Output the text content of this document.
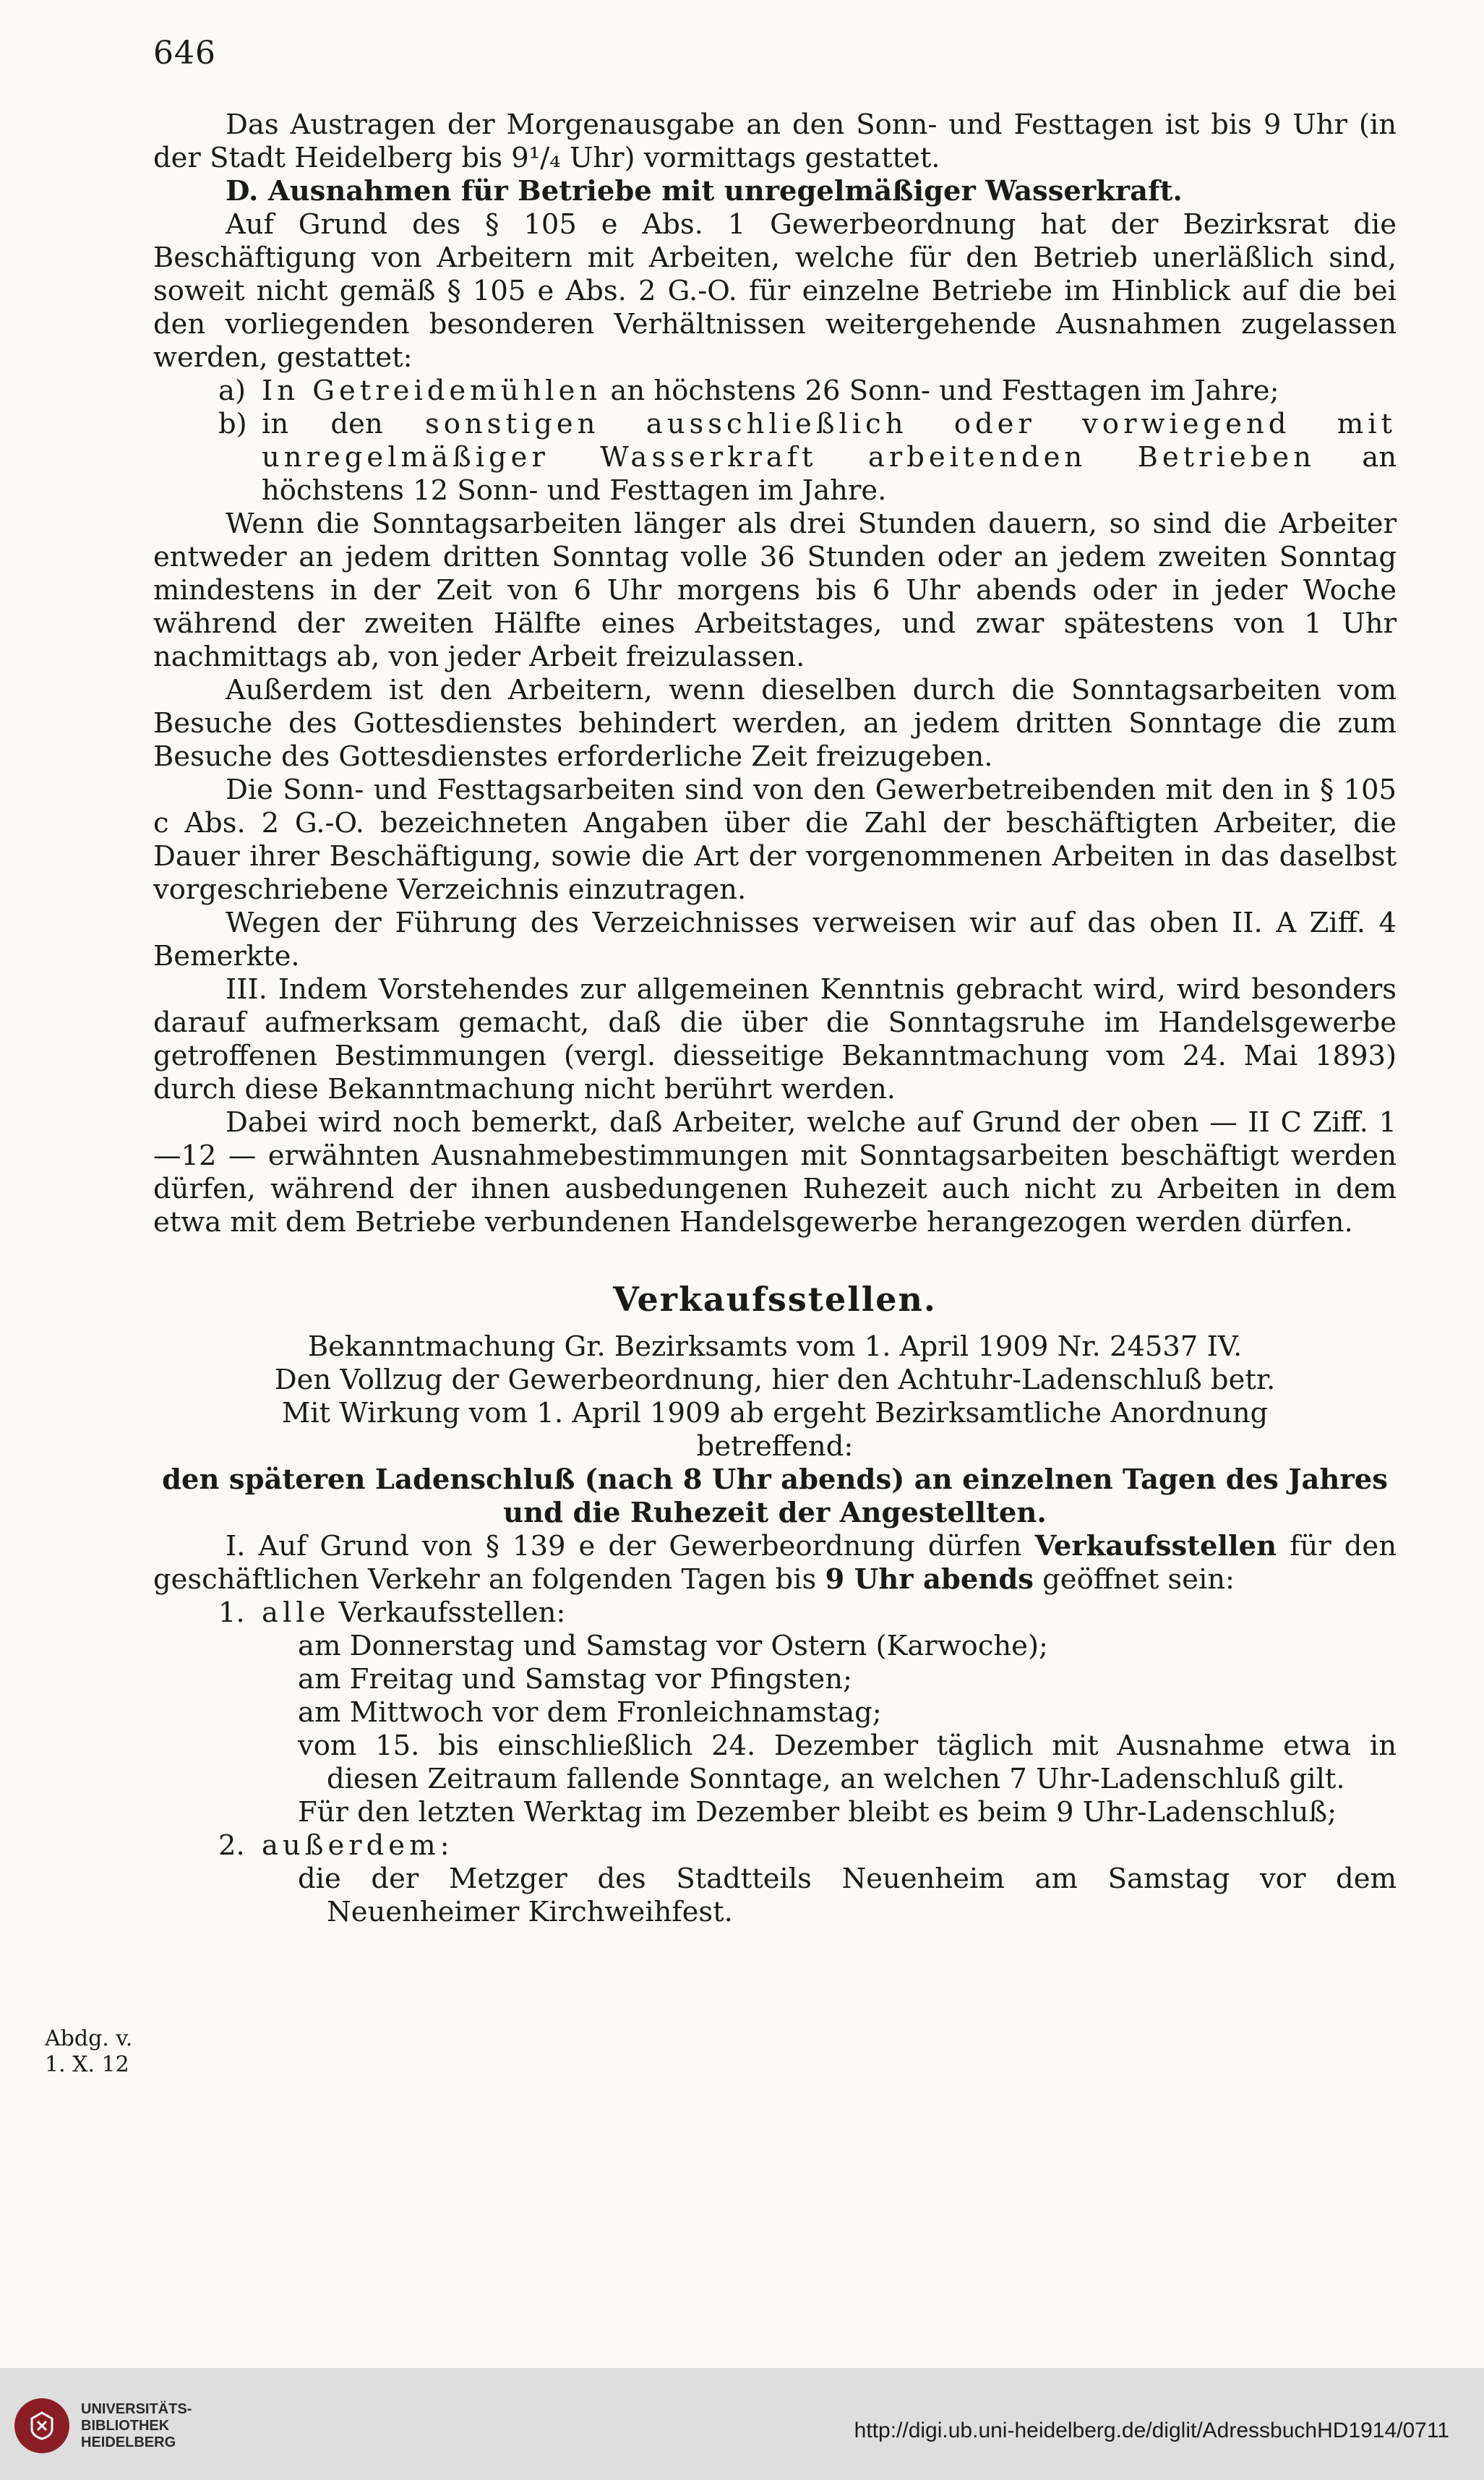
646

Das Austragen der Morgenausgabe an den Sonn- und Festtagen ist bis 9 Uhr (in der Stadt Heidelberg bis 9¹/₄ Uhr) vormittags gestattet.

D. Ausnahmen für Betriebe mit unregelmäßiger Wasserkraft.

Auf Grund des § 105 e Abs. 1 Gewerbeordnung hat der Bezirksrat die Beschäftigung von Arbeitern mit Arbeiten, welche für den Betrieb unerläßlich sind, soweit nicht gemäß § 105 e Abs. 2 G.-O. für einzelne Betriebe im Hinblick auf die bei den vorliegenden besonderen Verhältnissen weitergehende Ausnahmen zugelassen werden, gestattet:

a) In Getreidemühlen an höchstens 26 Sonn- und Festtagen im Jahre;
b) in den sonstigen ausschließlich oder vorwiegend mit unregelmäßiger Wasserkraft arbeitenden Betrieben an höchstens 12 Sonn- und Festtagen im Jahre.

Wenn die Sonntagsarbeiten länger als drei Stunden dauern, so sind die Arbeiter entweder an jedem dritten Sonntag volle 36 Stunden oder an jedem zweiten Sonntag mindestens in der Zeit von 6 Uhr morgens bis 6 Uhr abends oder in jeder Woche während der zweiten Hälfte eines Arbeitstages, und zwar spätestens von 1 Uhr nachmittags ab, von jeder Arbeit freizulassen.

Außerdem ist den Arbeitern, wenn dieselben durch die Sonntagsarbeiten vom Besuche des Gottesdienstes behindert werden, an jedem dritten Sonntage die zum Besuche des Gottesdienstes erforderliche Zeit freizugeben.

Die Sonn- und Festtagsarbeiten sind von den Gewerbetreibenden mit den in § 105 c Abs. 2 G.-O. bezeichneten Angaben über die Zahl der beschäftigten Arbeiter, die Dauer ihrer Beschäftigung, sowie die Art der vorgenommenen Arbeiten in das daselbst vorgeschriebene Verzeichnis einzutragen.

Wegen der Führung des Verzeichnisses verweisen wir auf das oben II. A Ziff. 4 Bemerkte.

III. Indem Vorstehendes zur allgemeinen Kenntnis gebracht wird, wird besonders darauf aufmerksam gemacht, daß die über die Sonntagsruhe im Handelsgewerbe getroffenen Bestimmungen (vergl. diesseitige Bekanntmachung vom 24. Mai 1893) durch diese Bekanntmachung nicht berührt werden.

Dabei wird noch bemerkt, daß Arbeiter, welche auf Grund der oben — II C Ziff. 1—12 — erwähnten Ausnahmebestimmungen mit Sonntagsarbeiten beschäftigt werden dürfen, während der ihnen ausbedungenen Ruhezeit auch nicht zu Arbeiten in dem etwa mit dem Betriebe verbundenen Handelsgewerbe herangezogen werden dürfen.

Verkaufsstellen.

Bekanntmachung Gr. Bezirksamts vom 1. April 1909 Nr. 24537 IV.

Den Vollzug der Gewerbeordnung, hier den Achtuhr-Ladenschluß betr.

Mit Wirkung vom 1. April 1909 ab ergeht Bezirksamtliche Anordnung

betreffend:

den späteren Ladenschluß (nach 8 Uhr abends) an einzelnen Tagen des Jahres

und die Ruhezeit der Angestellten.

I. Auf Grund von § 139 e der Gewerbeordnung dürfen Verkaufsstellen für den geschäftlichen Verkehr an folgenden Tagen bis 9 Uhr abends geöffnet sein:

1. alle Verkaufsstellen:

am Donnerstag und Samstag vor Ostern (Karwoche);

am Freitag und Samstag vor Pfingsten;

am Mittwoch vor dem Fronleichnamstag;

vom 15. bis einschließlich 24. Dezember täglich mit Ausnahme etwa in diesen Zeitraum fallende Sonntage, an welchen 7 Uhr-Ladenschluß gilt.

Für den letzten Werktag im Dezember bleibt es beim 9 Uhr-Ladenschluß;

2. außerdem:

die der Metzger des Stadtteils Neuenheim am Samstag vor dem Neuenheimer Kirchweihfest.

Abdg. v.
1. X. 12
UNIVERSITÄTS-
BIBLIOTHEK
HEIDELBERG	http://digi.ub.uni-heidelberg.de/diglit/AdressbuchHD1914/0711
